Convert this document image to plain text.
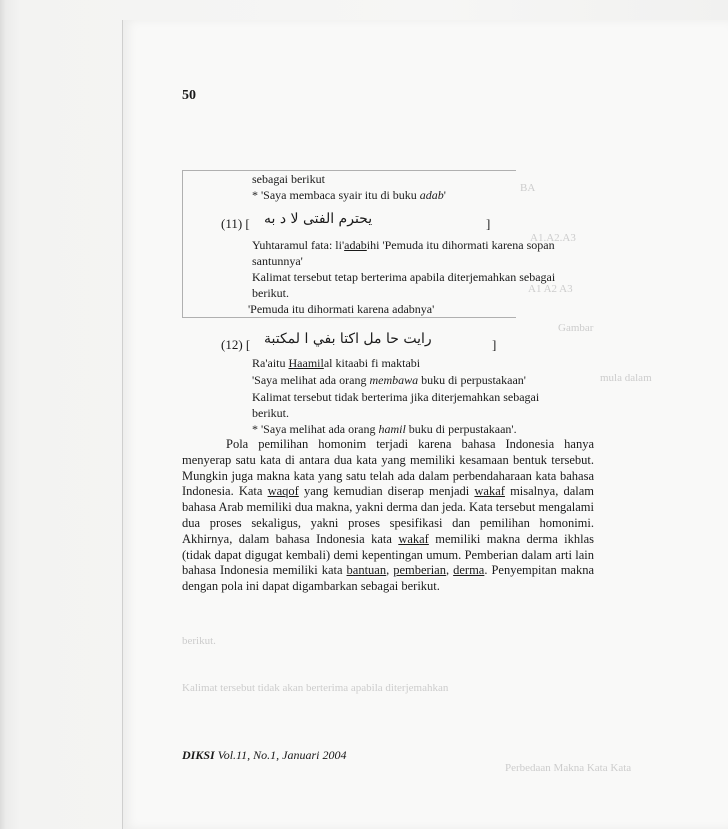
BA
A1.A2.A3
A1 A2 A3
Gambar
mula dalam
berikut.
Kalimat tersebut tidak akan berterima apabila diterjemahkan
Perbedaan Makna Kata Kata
50
sebagai berikut
* 'Saya membaca syair itu di buku adab'
(11) [ يحترم الفتى لا د به	]
Yuhtaramul fata: li'adabihi 'Pemuda itu dihormati karena sopan
santunnya'
Kalimat tersebut tetap berterima apabila diterjemahkan sebagai
berikut.
'Pemuda itu dihormati karena adabnya'
(12) [ رايت حا مل اكتا بفي ا لمكتبة	]
Ra'aitu Haamilal kitaabi fi maktabi
'Saya melihat ada orang membawa buku di perpustakaan'
Kalimat tersebut tidak berterima jika diterjemahkan sebagai
berikut.
* 'Saya melihat ada orang hamil buku di perpustakaan'.

Pola pemilihan homonim terjadi karena bahasa Indonesia hanya menyerap satu kata di antara dua kata yang memiliki kesamaan bentuk tersebut. Mungkin juga makna kata yang satu telah ada dalam perbendaharaan kata bahasa Indonesia. Kata waqof yang kemudian diserap menjadi wakaf misalnya, dalam bahasa Arab memiliki dua makna, yakni derma dan jeda. Kata tersebut mengalami dua proses sekaligus, yakni proses spesifikasi dan pemilihan homonimi. Akhirnya, dalam bahasa Indonesia kata wakaf memiliki makna derma ikhlas (tidak dapat digugat kembali) demi kepentingan umum. Pemberian dalam arti lain bahasa Indonesia memiliki kata bantuan, pemberian, derma. Penyempitan makna dengan pola ini dapat digambarkan sebagai berikut.

DIKSI Vol.11, No.1, Januari 2004
